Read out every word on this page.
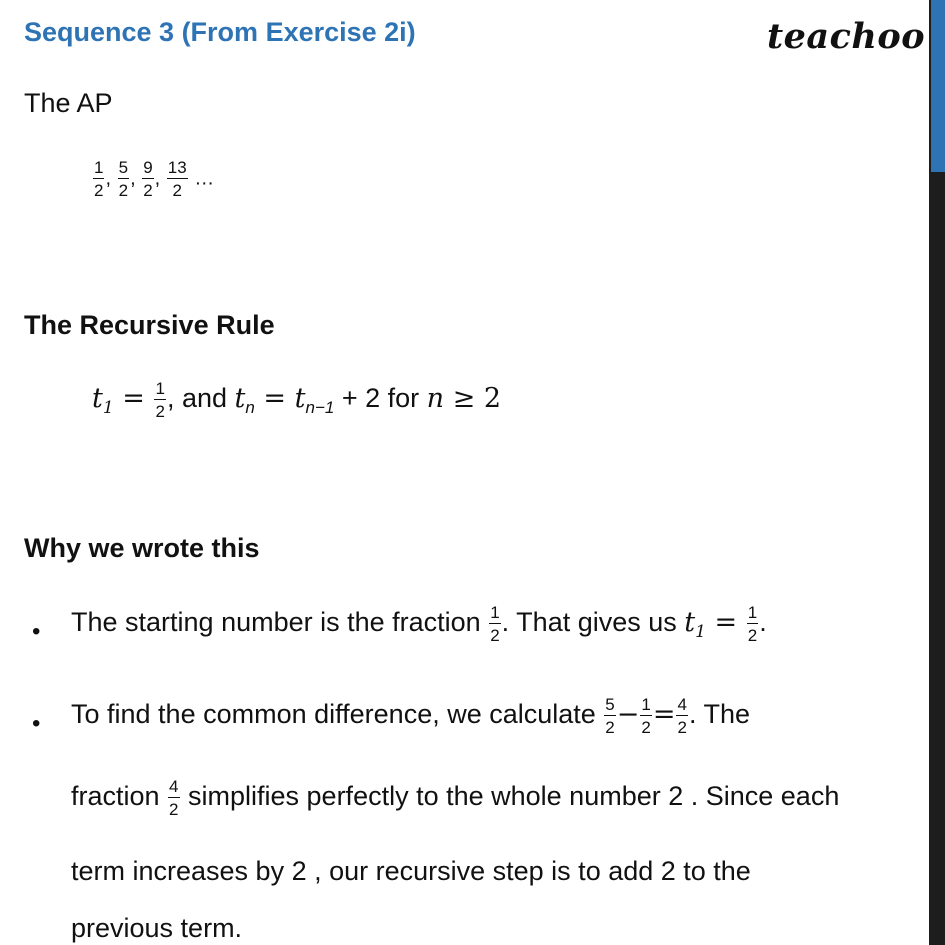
Sequence 3 (From Exercise 2i)	teachoo
The AP
$\frac{1}{2}$ , $\frac{5}{2}$ , $\frac{9}{2}$ , $\frac{13}{2}$ …
The Recursive Rule
$t_1 = \frac{1}{2}$ , and $t_n = t_{n-1} + 2$ for n ≥ 2
Why we wrote this
• The starting number is the fraction $\frac{1}{2}$ . That gives us $t_1 = \frac{1}{2}$ .
• To find the common difference, we calculate $\frac{5}{2} - \frac{1}{2} = \frac{4}{2}$ . The
fraction $\frac{4}{2}$ simplifies perfectly to the whole number 2 . Since each
term increases by 2 , our recursive step is to add 2 to the
previous term.
